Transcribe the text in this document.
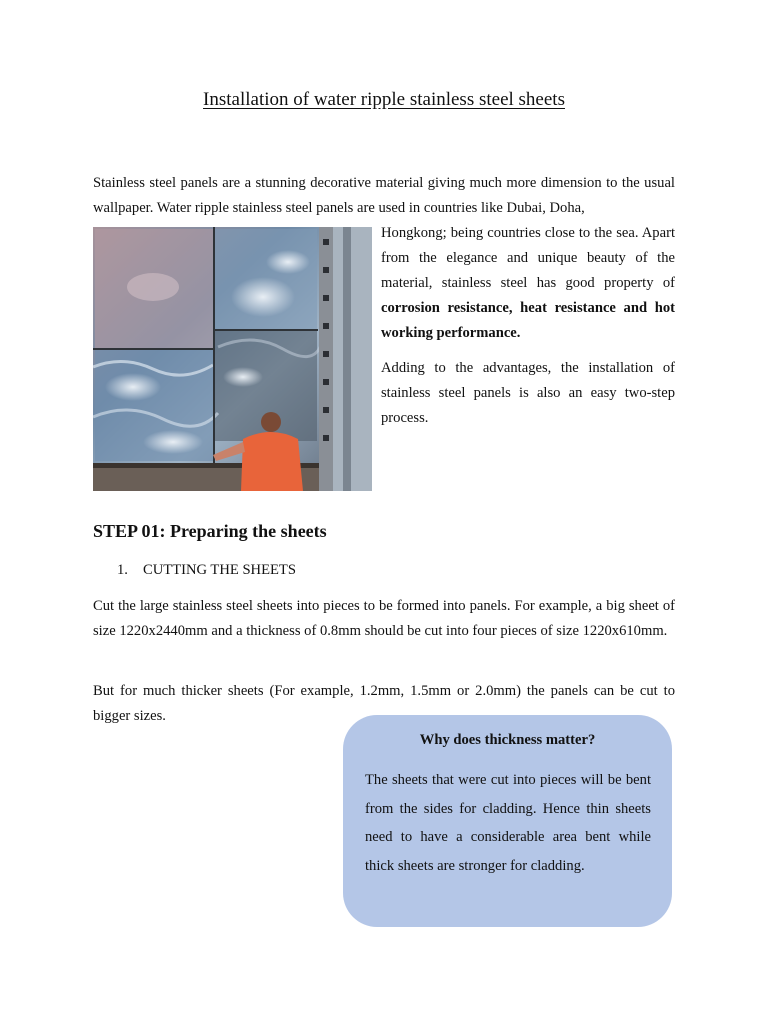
Installation of water ripple stainless steel sheets

Stainless steel panels are a stunning decorative material giving much more dimension to the usual wallpaper. Water ripple stainless steel panels are used in countries like Dubai, Doha,

Hongkong; being countries close to the sea. Apart from the elegance and unique beauty of the material, stainless steel has good property of corrosion resistance, heat resistance and hot working performance.

Adding to the advantages, the installation of stainless steel panels is also an easy two-step process.

STEP 01: Preparing the sheets
1. CUTTING THE SHEETS

Cut the large stainless steel sheets into pieces to be formed into panels. For example, a big sheet of size 1220x2440mm and a thickness of 0.8mm should be cut into four pieces of size 1220x610mm.

But for much thicker sheets (For example, 1.2mm, 1.5mm or 2.0mm) the panels can be cut to bigger sizes.

Why does thickness matter?

The sheets that were cut into pieces will be bent from the sides for cladding. Hence thin sheets need to have a considerable area bent while thick sheets are stronger for cladding.
